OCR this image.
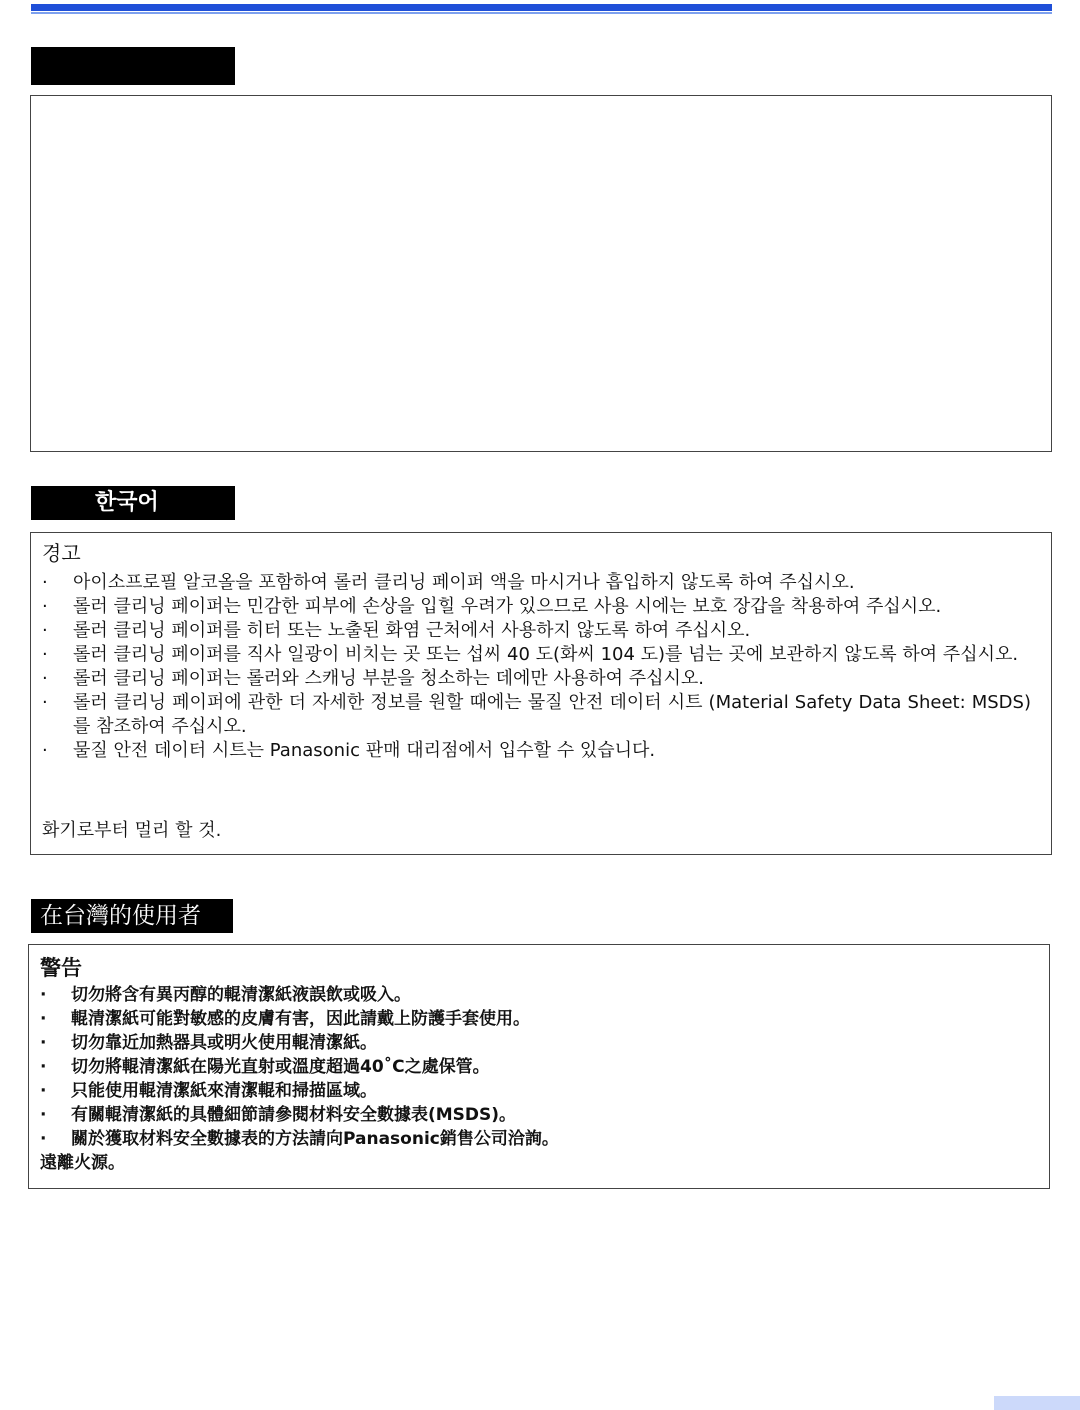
한국어
경고
· 아이소프로필 알코올을 포함하여 롤러 클리닝 페이퍼 액을 마시거나 흡입하지 않도록 하여 주십시오.
· 롤러 클리닝 페이퍼는 민감한 피부에 손상을 입힐 우려가 있으므로 사용 시에는 보호 장갑을 착용하여 주십시오.
· 롤러 클리닝 페이퍼를 히터 또는 노출된 화염 근처에서 사용하지 않도록 하여 주십시오.
· 롤러 클리닝 페이퍼를 직사 일광이 비치는 곳 또는 섭씨 40 도(화씨 104 도)를 넘는 곳에 보관하지 않도록 하여 주십시오.
· 롤러 클리닝 페이퍼는 롤러와 스캐닝 부분을 청소하는 데에만 사용하여 주십시오.
· 롤러 클리닝 페이퍼에 관한 더 자세한 정보를 원할 때에는 물질 안전 데이터 시트 (Material Safety Data Sheet: MSDS)를 참조하여 주십시오.
· 물질 안전 데이터 시트는 Panasonic 판매 대리점에서 입수할 수 있습니다.
화기로부터 멀리 할 것.
在台灣的使用者
警告
· 切勿將含有異丙醇的輥清潔紙液誤飲或吸入。
· 輥清潔紙可能對敏感的皮膚有害，因此請戴上防護手套使用。
· 切勿靠近加熱器具或明火使用輥清潔紙。
· 切勿將輥清潔紙在陽光直射或溫度超過40˚C之處保管。
· 只能使用輥清潔紙來清潔輥和掃描區域。
· 有關輥清潔紙的具體細節請參閱材料安全數據表(MSDS)。
· 關於獲取材料安全數據表的方法請向Panasonic銷售公司洽詢。
遠離火源。
